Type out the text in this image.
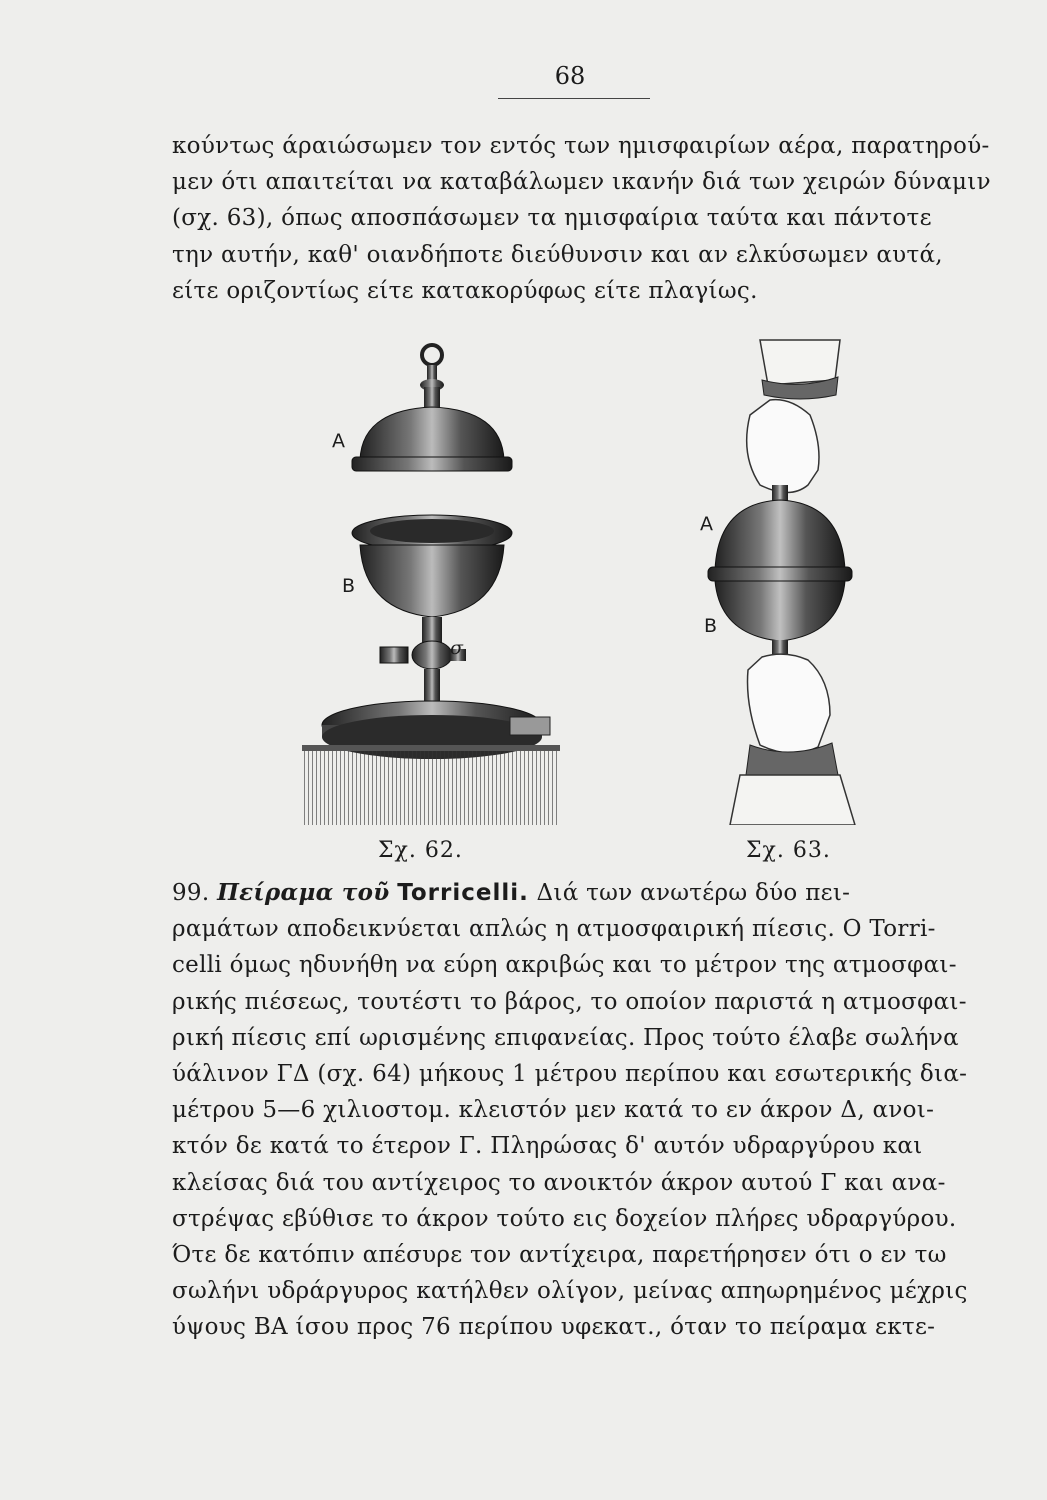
68
κούντως άραιώσωμεν τον εντός των ημισφαιρίων αέρα, παρατηρού-
μεν ότι απαιτείται να καταβάλωμεν ικανήν διά των χειρών δύναμιν
(σχ. 63), όπως αποσπάσωμεν τα ημισφαίρια ταύτα και πάντοτε
την αυτήν, καθ' οιανδήποτε διεύθυνσιν και αν ελκύσωμεν αυτά,
είτε οριζοντίως είτε κατακορύφως είτε πλαγίως.
Α
Β
σ
Α
Β
Σχ. 62.	Σχ. 63.
99. Πείραμα τοῦ Torricelli. Διά των ανωτέρω δύο πει-
ραμάτων αποδεικνύεται απλώς η ατμοσφαιρική πίεσις. Ο Torri-
celli όμως ηδυνήθη να εύρη ακριβώς και το μέτρον της ατμοσφαι-
ρικής πιέσεως, τουτέστι το βάρος, το οποίον παριστά η ατμοσφαι-
ρική πίεσις επί ωρισμένης επιφανείας. Προς τούτο έλαβε σωλήνα
ύάλινον ΓΔ (σχ. 64) μήκους 1 μέτρου περίπου και εσωτερικής δια-
μέτρου 5—6 χιλιοστομ. κλειστόν μεν κατά το εν άκρον Δ, ανοι-
κτόν δε κατά το έτερον Γ. Πληρώσας δ' αυτόν υδραργύρου και
κλείσας διά του αντίχειρος το ανοικτόν άκρον αυτού Γ και ανα-
στρέψας εβύθισε το άκρον τούτο εις δοχείον πλήρες υδραργύρου.
Ότε δε κατόπιν απέσυρε τον αντίχειρα, παρετήρησεν ότι ο εν τω
σωλήνι υδράργυρος κατήλθεν ολίγον, μείνας απηωρημένος μέχρις
ύψους ΒΑ ίσου προς 76 περίπου υφεκατ., όταν το πείραμα εκτε-
